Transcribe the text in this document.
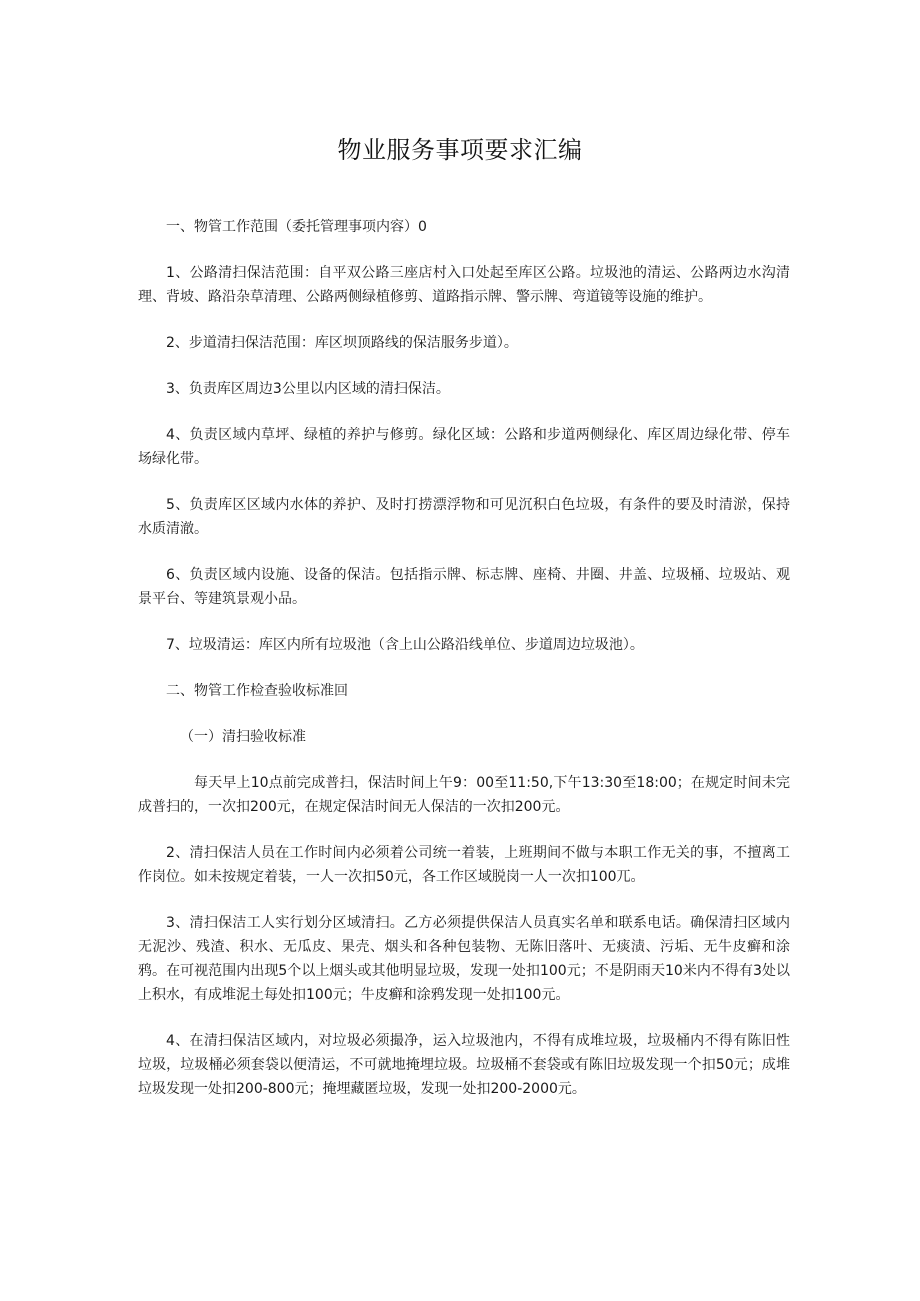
物业服务事项要求汇编

一、物管工作范围（委托管理事项内容）0

1、公路清扫保洁范围：自平双公路三座店村入口处起至库区公路。垃圾池的清运、公路两边水沟清理、背坡、路沿杂草清理、公路两侧绿植修剪、道路指示牌、警示牌、弯道镜等设施的维护。

2、步道清扫保洁范围：库区坝顶路线的保洁服务步道）。

3、负责库区周边3公里以内区域的清扫保洁。

4、负责区域内草坪、绿植的养护与修剪。绿化区域：公路和步道两侧绿化、库区周边绿化带、停车场绿化带。

5、负责库区区域内水体的养护、及时打捞漂浮物和可见沉积白色垃圾，有条件的要及时清淤，保持水质清澈。

6、负责区域内设施、设备的保洁。包括指示牌、标志牌、座椅、井圈、井盖、垃圾桶、垃圾站、观景平台、等建筑景观小品。

7、垃圾清运：库区内所有垃圾池（含上山公路沿线单位、步道周边垃圾池）。

二、物管工作检查验收标准回

（一）清扫验收标准

每天早上10点前完成普扫，保洁时间上午9：00至11:50,下午13:30至18:00；在规定时间未完成普扫的，一次扣200元，在规定保洁时间无人保洁的一次扣200元。

2、清扫保洁人员在工作时间内必须着公司统一着装，上班期间不做与本职工作无关的事，不擅离工作岗位。如未按规定着装，一人一次扣50元，各工作区域脱岗一人一次扣100兀。

3、清扫保洁工人实行划分区域清扫。乙方必须提供保洁人员真实名单和联系电话。确保清扫区域内无泥沙、残渣、积水、无瓜皮、果壳、烟头和各种包装物、无陈旧落叶、无痰渍、污垢、无牛皮癣和涂鸦。在可视范围内出现5个以上烟头或其他明显垃圾，发现一处扣100元；不是阴雨天10米内不得有3处以上积水，有成堆泥土每处扣100元；牛皮癣和涂鸦发现一处扣100元。

4、在清扫保洁区域内，对垃圾必须撮净，运入垃圾池内，不得有成堆垃圾，垃圾桶内不得有陈旧性垃圾，垃圾桶必须套袋以便清运，不可就地掩埋垃圾。垃圾桶不套袋或有陈旧垃圾发现一个扣50元；成堆垃圾发现一处扣200-800元；掩埋藏匿垃圾，发现一处扣200-2000元。
